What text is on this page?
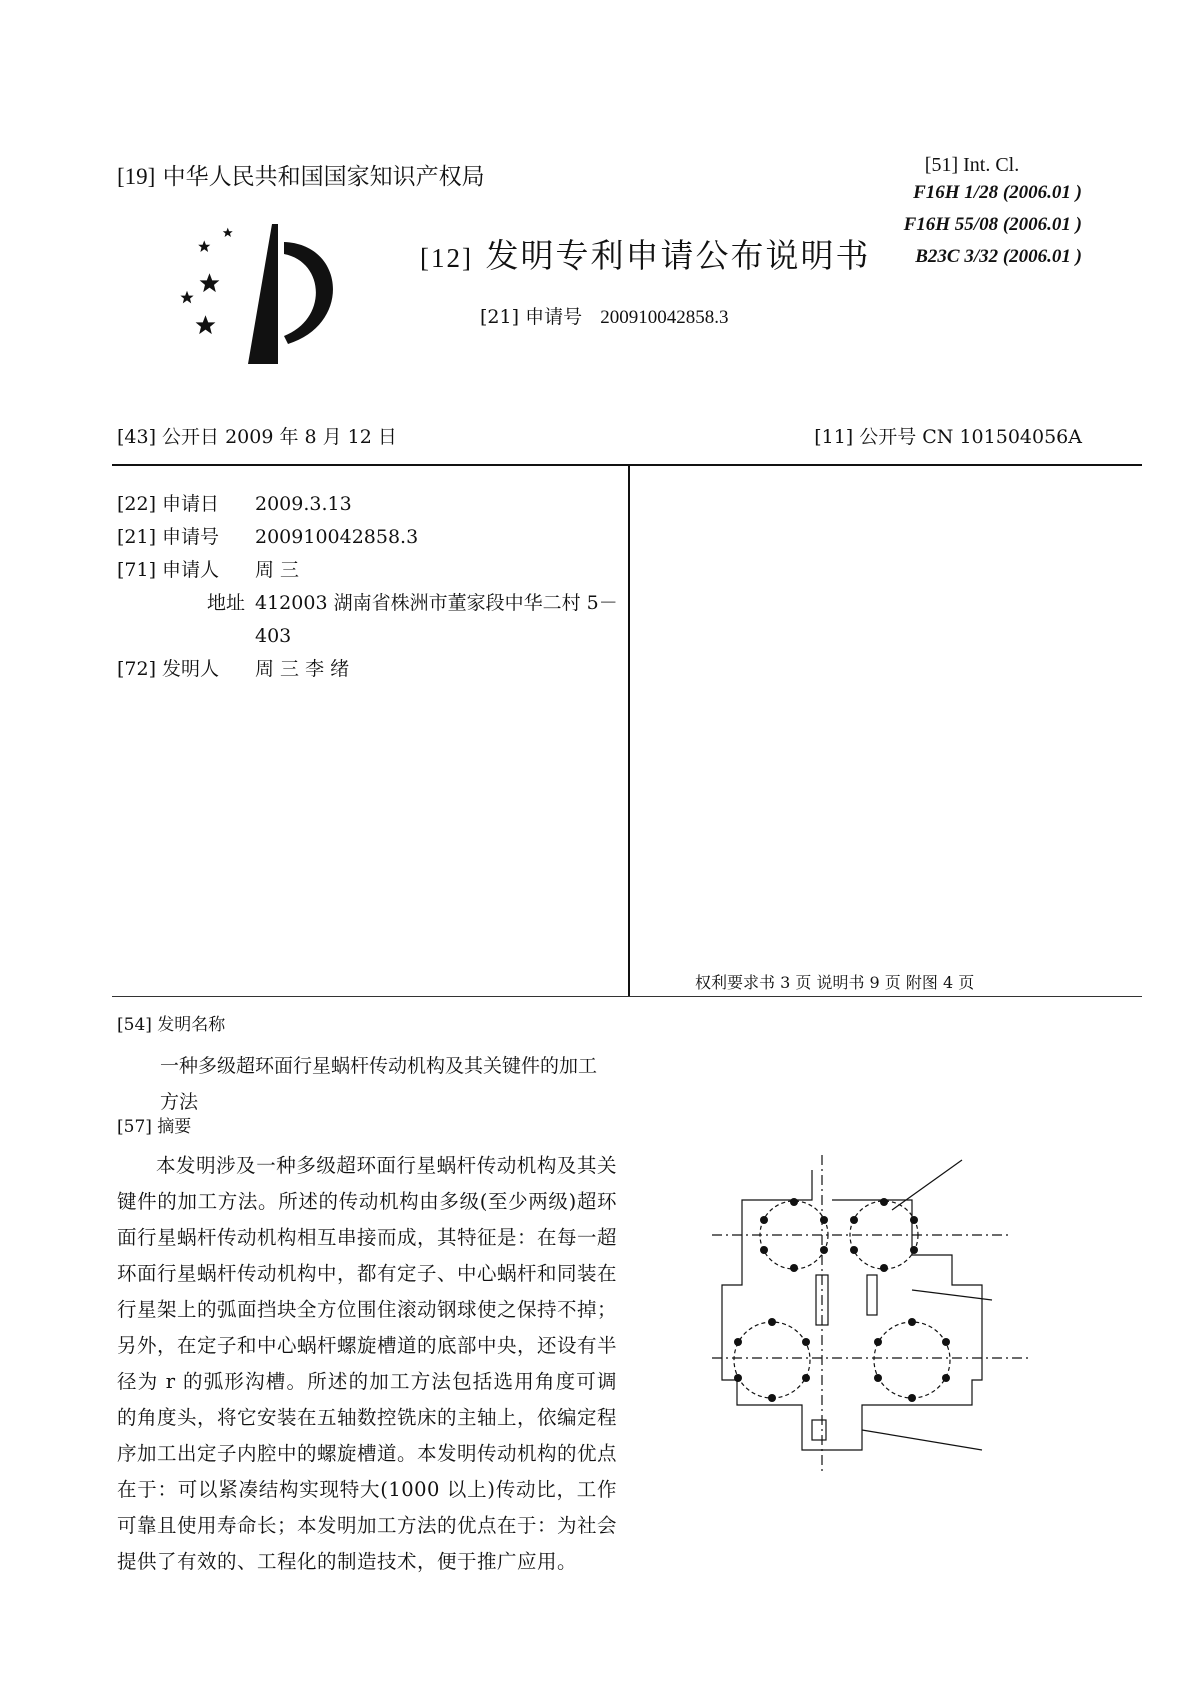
[19] 中华人民共和国国家知识产权局
[12] 发明专利申请公布说明书
[21] 申请号 200910042858.3
[51] Int. Cl.
F16H 1/28 (2006.01 )
F16H 55/08 (2006.01 )
B23C 3/32 (2006.01 )
[43] 公开日 2009 年 8 月 12 日	[11] 公开号 CN 101504056A
[22] 申请日	2009.3.13
[21] 申请号	200910042858.3
[71] 申请人	周 三
地址 412003 湖南省株洲市董家段中华二村 5－403
[72] 发明人	周 三 李 绪
权利要求书 3 页 说明书 9 页 附图 4 页
[54] 发明名称
一种多级超环面行星蜗杆传动机构及其关键件的加工方法
[57] 摘要
本发明涉及一种多级超环面行星蜗杆传动机构及其关键件的加工方法。所述的传动机构由多级(至少两级)超环面行星蜗杆传动机构相互串接而成，其特征是：在每一超环面行星蜗杆传动机构中，都有定子、中心蜗杆和同装在行星架上的弧面挡块全方位围住滚动钢球使之保持不掉；另外，在定子和中心蜗杆螺旋槽道的底部中央，还设有半径为 r 的弧形沟槽。所述的加工方法包括选用角度可调的角度头，将它安装在五轴数控铣床的主轴上，依编定程序加工出定子内腔中的螺旋槽道。本发明传动机构的优点在于：可以紧凑结构实现特大(1000 以上)传动比，工作可靠且使用寿命长；本发明加工方法的优点在于：为社会提供了有效的、工程化的制造技术，便于推广应用。
